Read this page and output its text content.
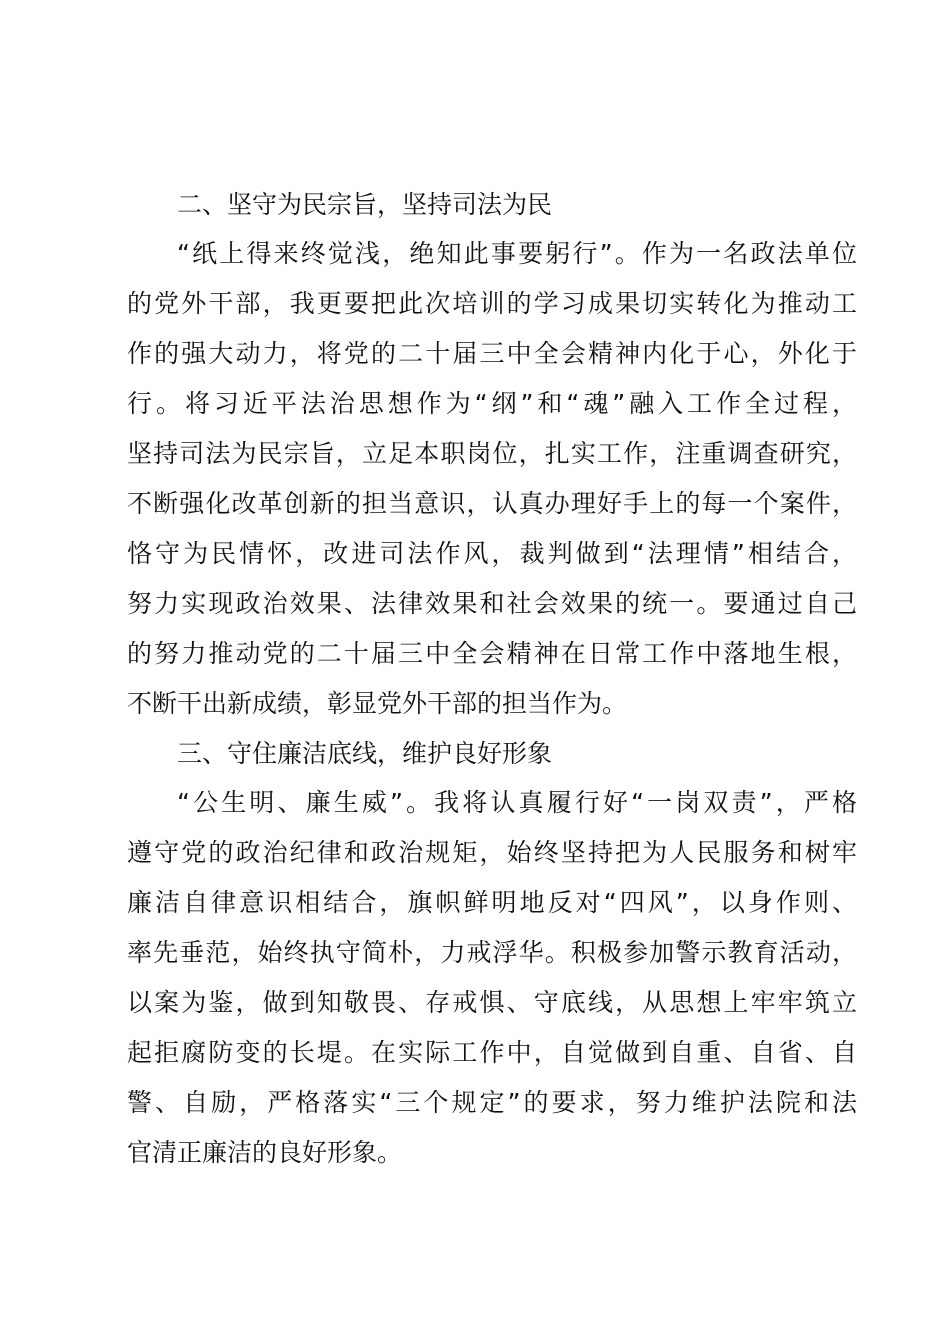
二、坚守为民宗旨，坚持司法为民
“纸上得来终觉浅，绝知此事要躬行”。作为一名政法单位
的党外干部，我更要把此次培训的学习成果切实转化为推动工
作的强大动力，将党的二十届三中全会精神内化于心，外化于
行。将习近平法治思想作为“纲”和“魂”融入工作全过程，
坚持司法为民宗旨，立足本职岗位，扎实工作，注重调查研究，
不断强化改革创新的担当意识，认真办理好手上的每一个案件，
恪守为民情怀，改进司法作风，裁判做到“法理情”相结合，
努力实现政治效果、法律效果和社会效果的统一。要通过自己
的努力推动党的二十届三中全会精神在日常工作中落地生根，
不断干出新成绩，彰显党外干部的担当作为。
三、守住廉洁底线，维护良好形象
“公生明、廉生威”。我将认真履行好“一岗双责”，严格
遵守党的政治纪律和政治规矩，始终坚持把为人民服务和树牢
廉洁自律意识相结合，旗帜鲜明地反对“四风”，以身作则、
率先垂范，始终执守简朴，力戒浮华。积极参加警示教育活动，
以案为鉴，做到知敬畏、存戒惧、守底线，从思想上牢牢筑立
起拒腐防变的长堤。在实际工作中，自觉做到自重、自省、自
警、自励，严格落实“三个规定”的要求，努力维护法院和法
官清正廉洁的良好形象。
